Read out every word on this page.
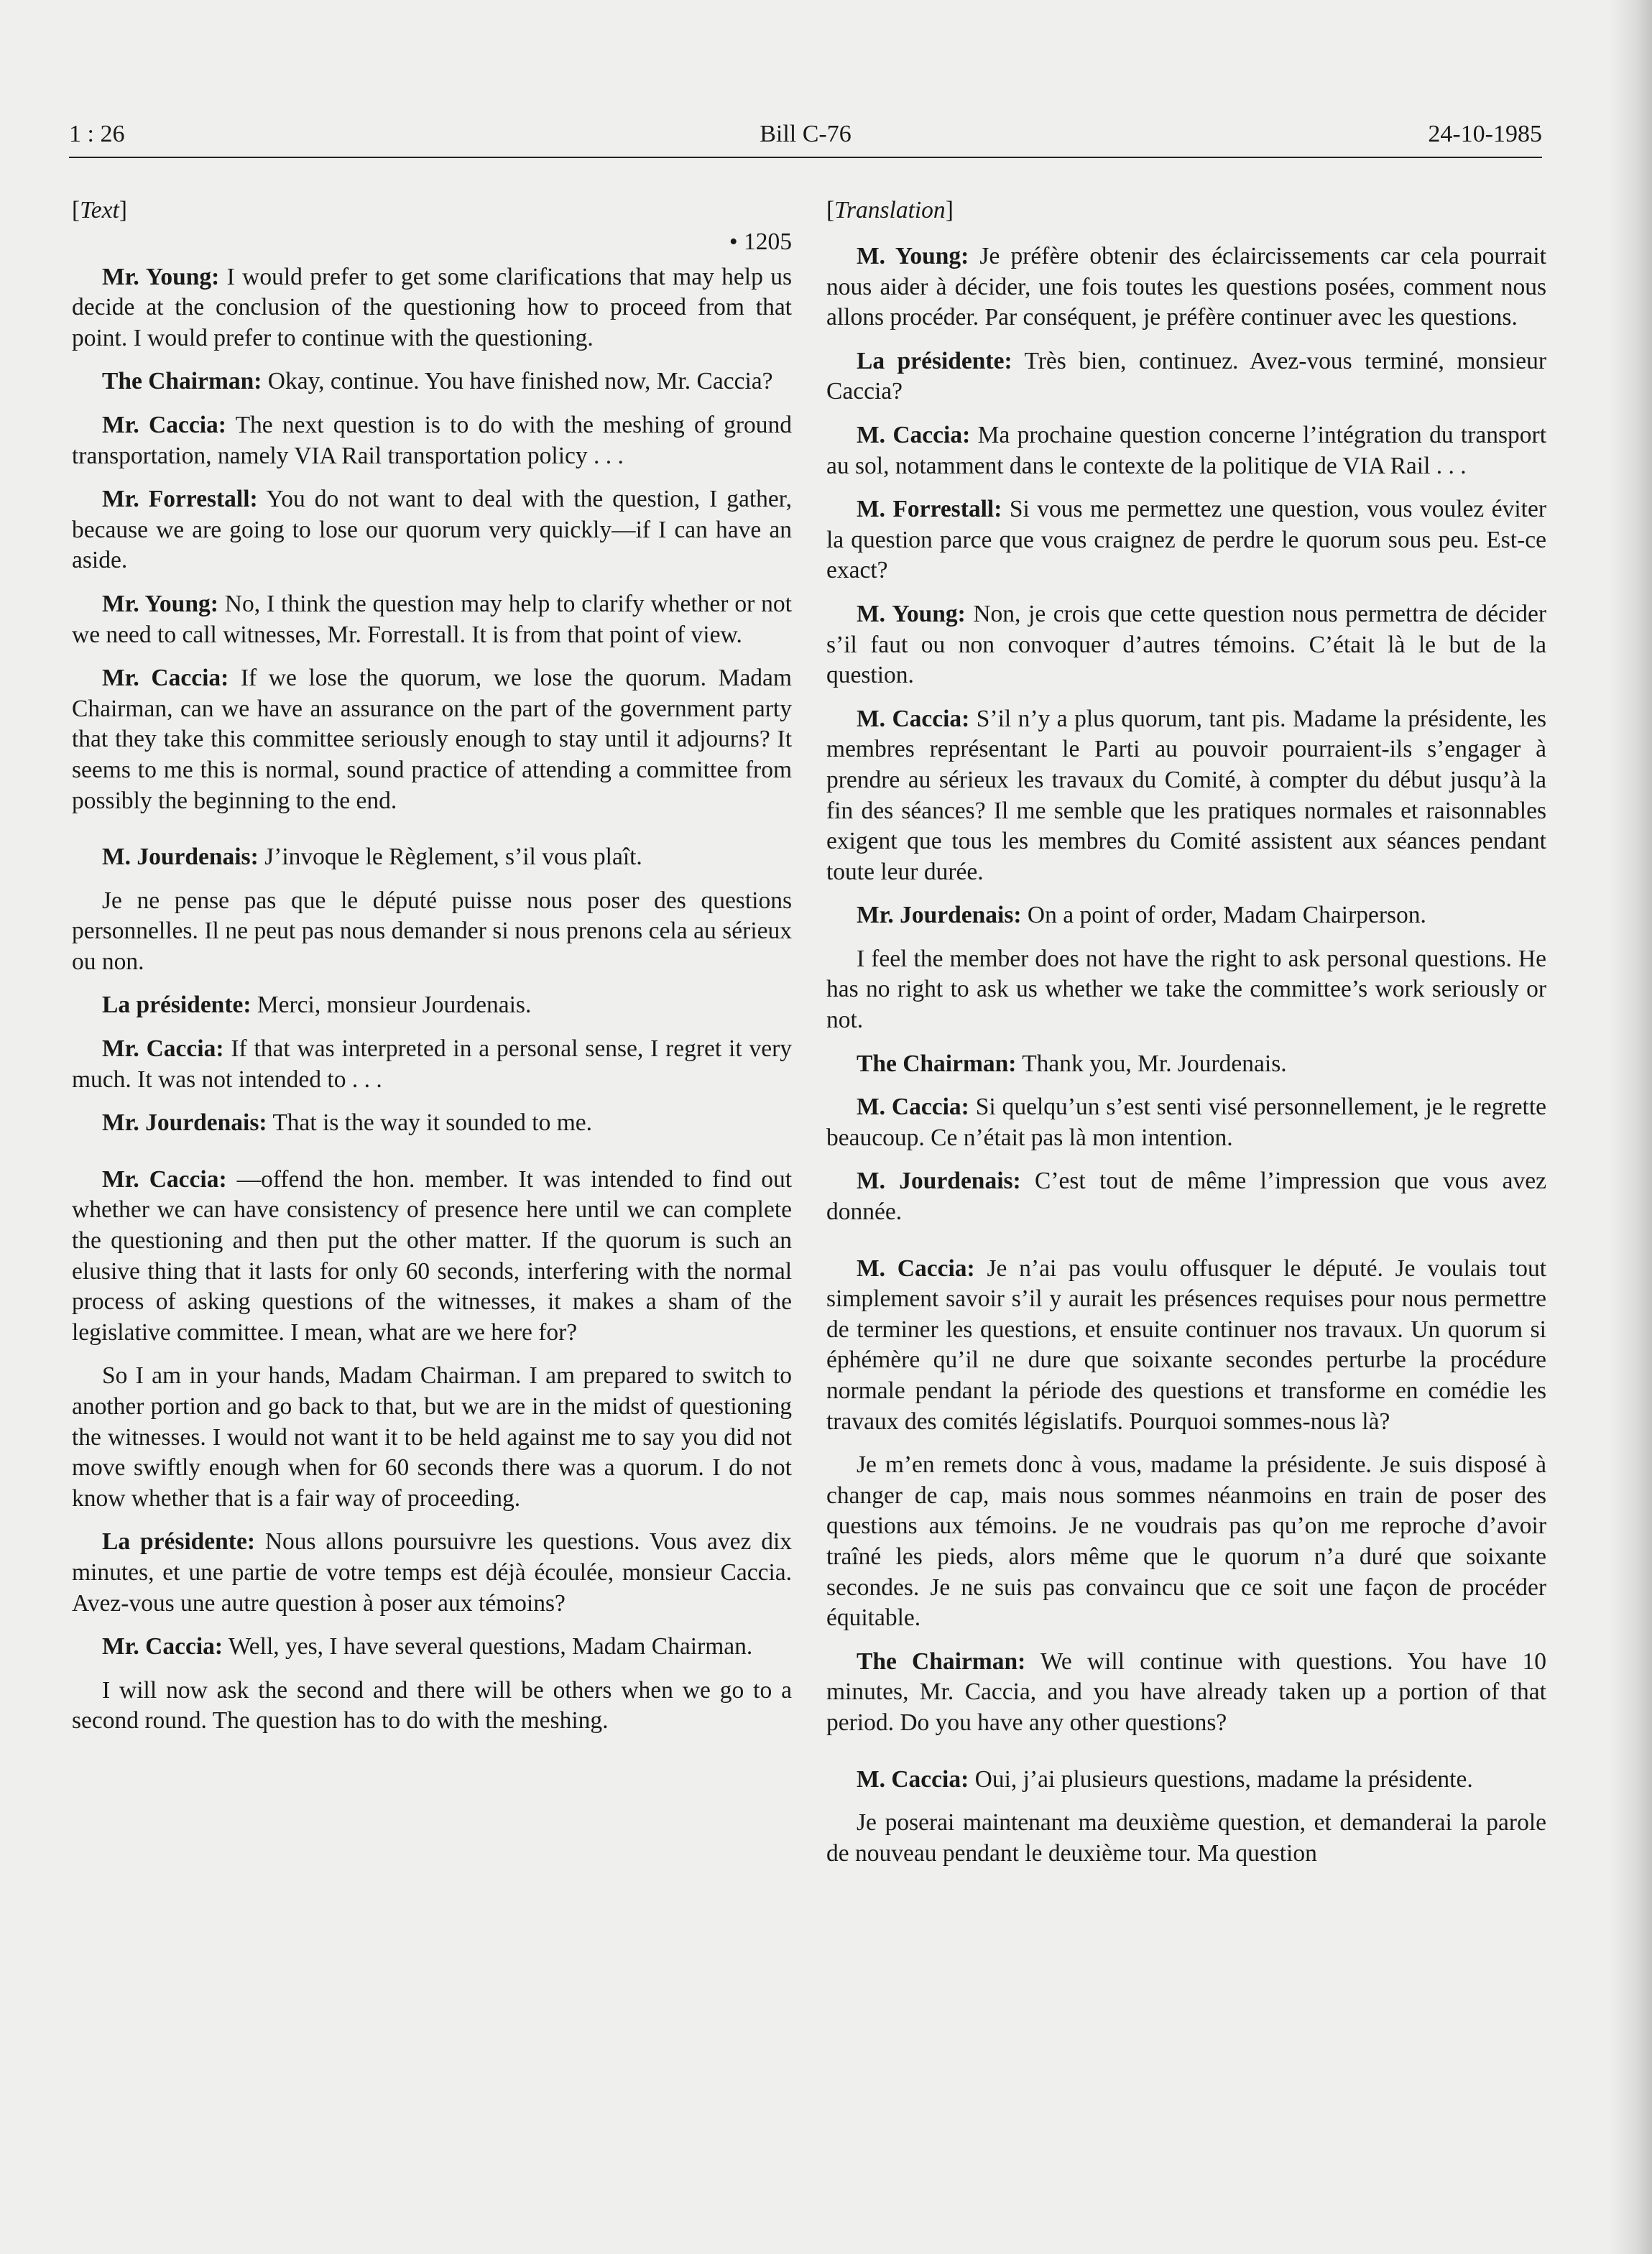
1 : 26	Bill C-76	24-10-1985
[Text]
• 1205

Mr. Young: I would prefer to get some clarifications that may help us decide at the conclusion of the questioning how to proceed from that point. I would prefer to continue with the questioning.

The Chairman: Okay, continue. You have finished now, Mr. Caccia?

Mr. Caccia: The next question is to do with the meshing of ground transportation, namely VIA Rail transportation policy . . .

Mr. Forrestall: You do not want to deal with the question, I gather, because we are going to lose our quorum very quickly—if I can have an aside.

Mr. Young: No, I think the question may help to clarify whether or not we need to call witnesses, Mr. Forrestall. It is from that point of view.

Mr. Caccia: If we lose the quorum, we lose the quorum. Madam Chairman, can we have an assurance on the part of the government party that they take this committee seriously enough to stay until it adjourns? It seems to me this is normal, sound practice of attending a committee from possibly the beginning to the end.

M. Jourdenais: J’invoque le Règlement, s’il vous plaît.

Je ne pense pas que le député puisse nous poser des questions personnelles. Il ne peut pas nous demander si nous prenons cela au sérieux ou non.

La présidente: Merci, monsieur Jourdenais.

Mr. Caccia: If that was interpreted in a personal sense, I regret it very much. It was not intended to . . .

Mr. Jourdenais: That is the way it sounded to me.

Mr. Caccia: —offend the hon. member. It was intended to find out whether we can have consistency of presence here until we can complete the questioning and then put the other matter. If the quorum is such an elusive thing that it lasts for only 60 seconds, interfering with the normal process of asking questions of the witnesses, it makes a sham of the legislative committee. I mean, what are we here for?

So I am in your hands, Madam Chairman. I am prepared to switch to another portion and go back to that, but we are in the midst of questioning the witnesses. I would not want it to be held against me to say you did not move swiftly enough when for 60 seconds there was a quorum. I do not know whether that is a fair way of proceeding.

La présidente: Nous allons poursuivre les questions. Vous avez dix minutes, et une partie de votre temps est déjà écoulée, monsieur Caccia. Avez-vous une autre question à poser aux témoins?

Mr. Caccia: Well, yes, I have several questions, Madam Chairman.

I will now ask the second and there will be others when we go to a second round. The question has to do with the meshing.

[Translation]

M. Young: Je préfère obtenir des éclaircissements car cela pourrait nous aider à décider, une fois toutes les questions posées, comment nous allons procéder. Par conséquent, je préfère continuer avec les questions.

La présidente: Très bien, continuez. Avez-vous terminé, monsieur Caccia?

M. Caccia: Ma prochaine question concerne l’intégration du transport au sol, notamment dans le contexte de la politique de VIA Rail . . .

M. Forrestall: Si vous me permettez une question, vous voulez éviter la question parce que vous craignez de perdre le quorum sous peu. Est-ce exact?

M. Young: Non, je crois que cette question nous permettra de décider s’il faut ou non convoquer d’autres témoins. C’était là le but de la question.

M. Caccia: S’il n’y a plus quorum, tant pis. Madame la présidente, les membres représentant le Parti au pouvoir pourraient-ils s’engager à prendre au sérieux les travaux du Comité, à compter du début jusqu’à la fin des séances? Il me semble que les pratiques normales et raisonnables exigent que tous les membres du Comité assistent aux séances pendant toute leur durée.

Mr. Jourdenais: On a point of order, Madam Chairperson.

I feel the member does not have the right to ask personal questions. He has no right to ask us whether we take the committee’s work seriously or not.

The Chairman: Thank you, Mr. Jourdenais.

M. Caccia: Si quelqu’un s’est senti visé personnellement, je le regrette beaucoup. Ce n’était pas là mon intention.

M. Jourdenais: C’est tout de même l’impression que vous avez donnée.

M. Caccia: Je n’ai pas voulu offusquer le député. Je voulais tout simplement savoir s’il y aurait les présences requises pour nous permettre de terminer les questions, et ensuite continuer nos travaux. Un quorum si éphémère qu’il ne dure que soixante secondes perturbe la procédure normale pendant la période des questions et transforme en comédie les travaux des comités législatifs. Pourquoi sommes-nous là?

Je m’en remets donc à vous, madame la présidente. Je suis disposé à changer de cap, mais nous sommes néanmoins en train de poser des questions aux témoins. Je ne voudrais pas qu’on me reproche d’avoir traîné les pieds, alors même que le quorum n’a duré que soixante secondes. Je ne suis pas convaincu que ce soit une façon de procéder équitable.

The Chairman: We will continue with questions. You have 10 minutes, Mr. Caccia, and you have already taken up a portion of that period. Do you have any other questions?

M. Caccia: Oui, j’ai plusieurs questions, madame la présidente.

Je poserai maintenant ma deuxième question, et demanderai la parole de nouveau pendant le deuxième tour. Ma question
